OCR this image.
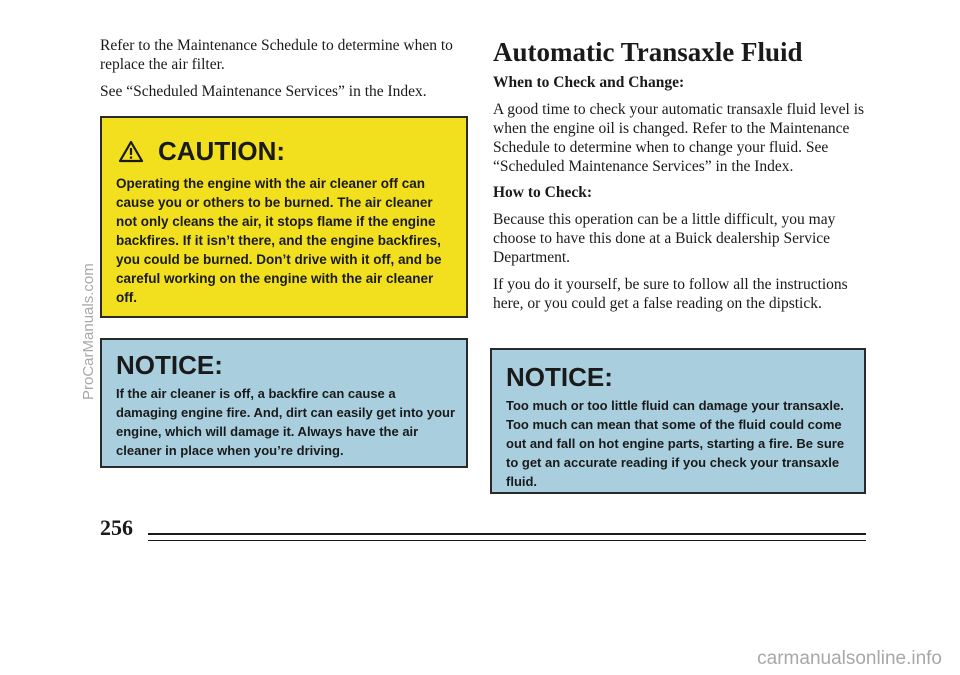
Refer to the Maintenance Schedule to determine when to replace the air filter.

See “Scheduled Maintenance Services” in the Index.

CAUTION:
Operating the engine with the air cleaner off can cause you or others to be burned. The air cleaner not only cleans the air, it stops flame if the engine backfires. If it isn’t there, and the engine backfires, you could be burned. Don’t drive with it off, and be careful working on the engine with the air cleaner off.
NOTICE:
If the air cleaner is off, a backfire can cause a damaging engine fire. And, dirt can easily get into your engine, which will damage it. Always have the air cleaner in place when you’re driving.
Automatic Transaxle Fluid
When to Check and Change:

A good time to check your automatic transaxle fluid level is when the engine oil is changed. Refer to the Maintenance Schedule to determine when to change your fluid. See “Scheduled Maintenance Services” in the Index.

How to Check:

Because this operation can be a little difficult, you may choose to have this done at a Buick dealership Service Department.

If you do it yourself, be sure to follow all the instructions here, or you could get a false reading on the dipstick.

NOTICE:
Too much or too little fluid can damage your transaxle. Too much can mean that some of the fluid could come out and fall on hot engine parts, starting a fire. Be sure to get an accurate reading if you check your transaxle fluid.
256
ProCarManuals.com
carmanualsonline.info
